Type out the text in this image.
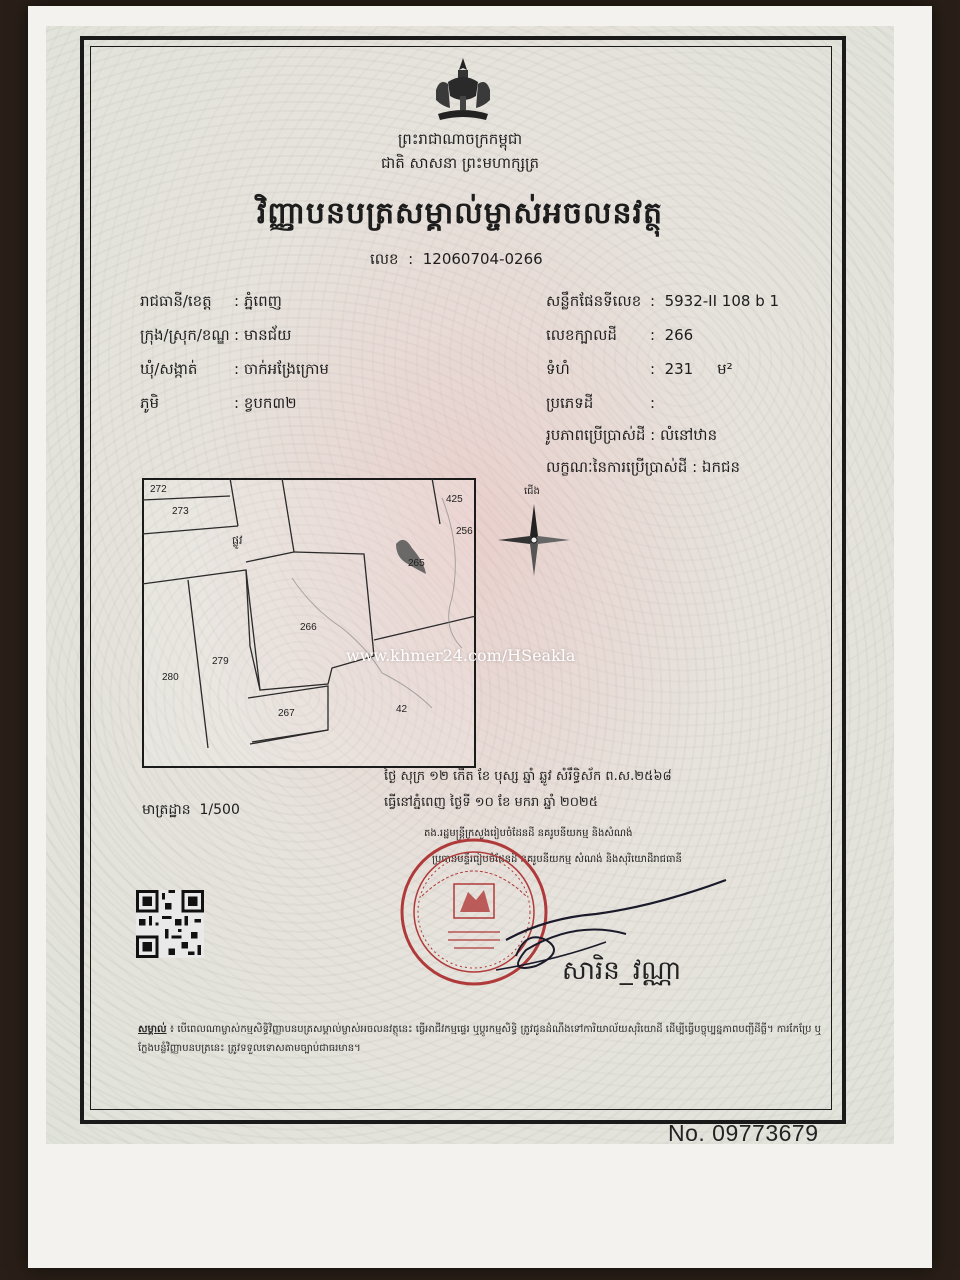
ព្រះរាជាណាចក្រកម្ពុជា
ជាតិ សាសនា ព្រះមហាក្សត្រ
វិញ្ញាបនបត្រសម្គាល់ម្ចាស់អចលនវត្ថុ
លេខ  :  12060704-0266
រាជធានី/ខេត្ត : ភ្នំពេញ
ក្រុង/ស្រុក/ខណ្ឌ : មានជ័យ
ឃុំ/សង្កាត់ : ចាក់អង្រែក្រោម
ភូមិ	: ខ្វបក៣២
សន្លឹកផែនទីលេខ :  5932-II 108 b 1
លេខក្បាលដី :  266
ទំហំ	:  231 ម²
ប្រភេទដី	:
រូបភាពប្រើប្រាស់ដី : លំនៅឋាន
លក្ខណៈនៃការប្រើប្រាស់ដី : ឯកជន
272
273
425
256
265
266
280
279
267	42
ផ្លូវ
ជើង
www.khmer24.com/HSeakla
ថ្ងៃ សុក្រ ១២ កើត ខែ បុស្ស ឆ្នាំ ឆ្លូវ សំរឹទ្ធិស័ក ព.ស.២៥៦៨
ធ្វើនៅភ្នំពេញ ថ្ងៃទី ១០ ខែ មករា ឆ្នាំ ២០២៥
មាត្រដ្ឋាន 1/500
តង.រដ្ឋមន្ត្រីក្រសួងរៀបចំដែនដី នគរូបនីយកម្ម និងសំណង់
ប្រធានមន្ទីររៀបចំដែនដី នគរូបនីយកម្ម សំណង់ និងសុរិយោដីរាជធានី
សារិន_វណ្ណា
សម្គាល់ ៖ បើពេលណាម្ចាស់កម្មសិទ្ធិវិញ្ញាបនបត្រសម្គាល់ម្ចាស់អចលនវត្ថុនេះ ធ្វើអាជីវកម្មផ្ទេរ ឬប្ដូរកម្មសិទ្ធិ ត្រូវជូនដំណឹងទៅការិយាល័យសុរិយោដី ដើម្បីធ្វើបច្ចុប្បន្នភាពបញ្ជីដីធ្លី។ ការកែប្រែ ឬក្លែងបន្លំវិញ្ញាបនបត្រនេះ ត្រូវទទួលទោសតាមច្បាប់ជាធរមាន។
No. 09773679
